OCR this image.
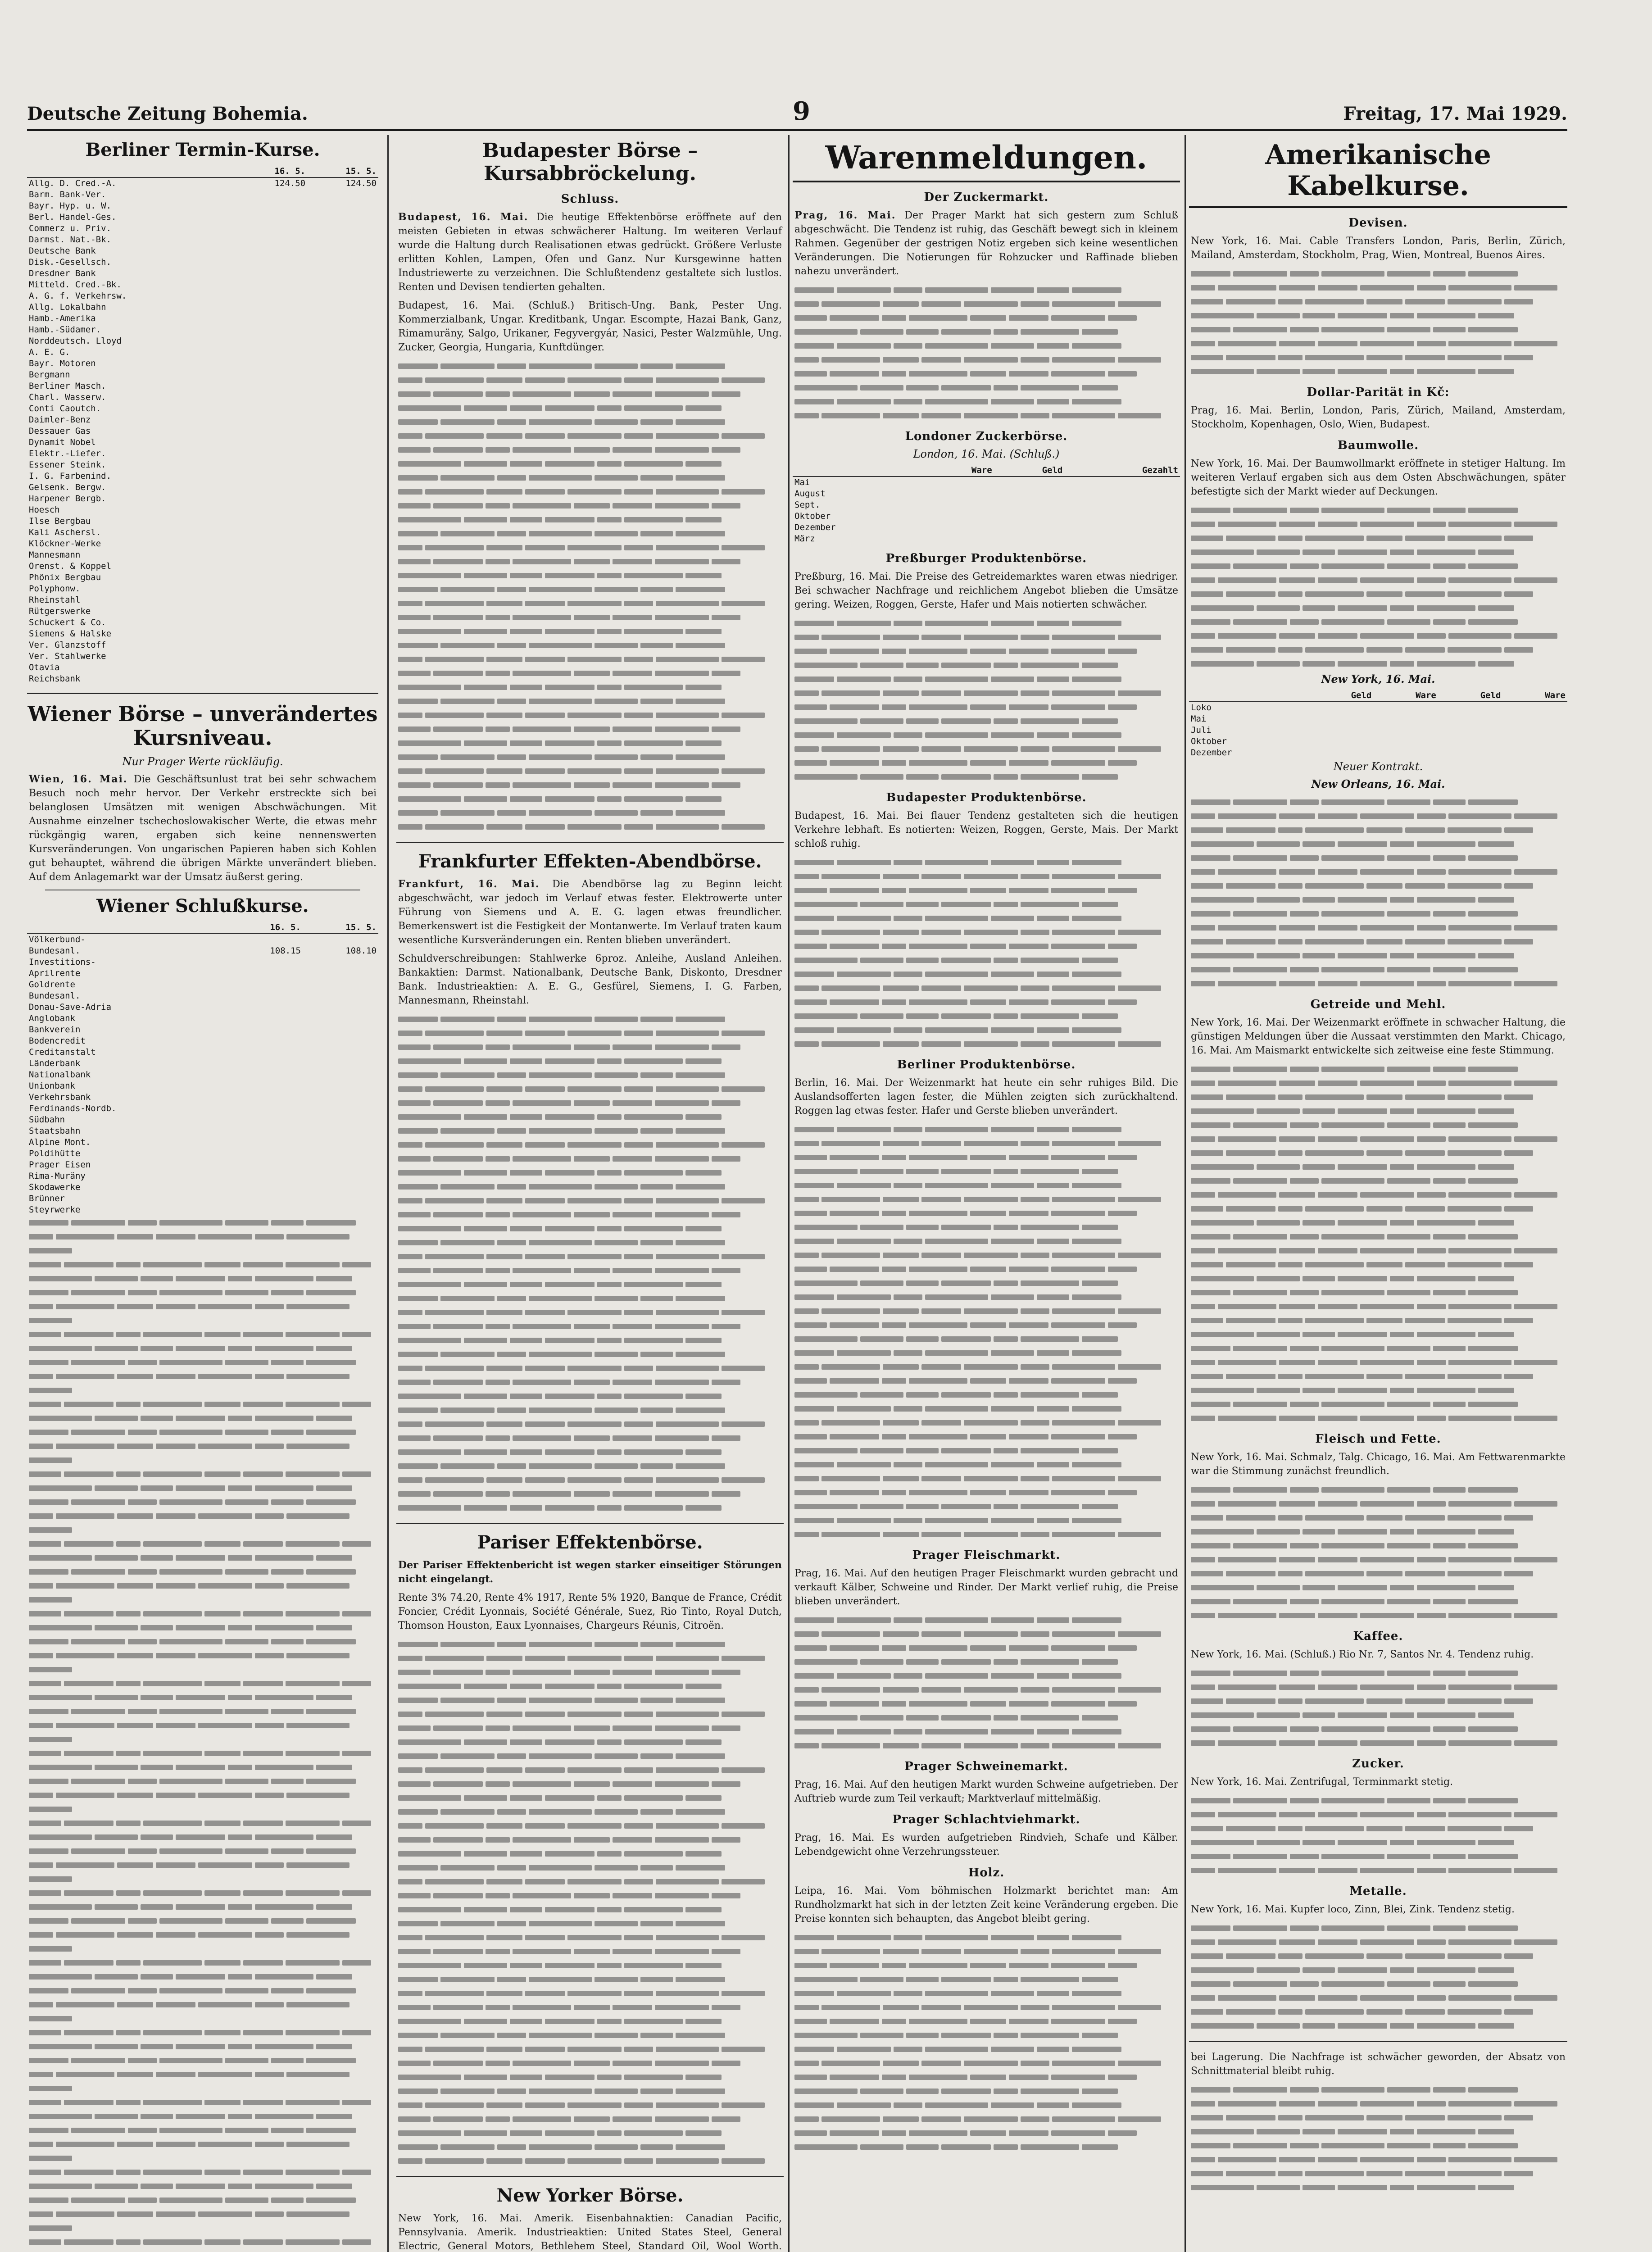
Deutsche Zeitung Bohemia.	9	Freitag, 17. Mai 1929.
Berliner Termin-Kurse.
	16. 5.	15. 5.
Allg. D. Cred.-A.	124.50	124.50
Barm. Bank-Ver.		
Bayr. Hyp. u. W.		
Berl. Handel-Ges.		
Commerz u. Priv.		
Darmst. Nat.-Bk.		
Deutsche Bank		
Disk.-Gesellsch.		
Dresdner Bank		
Mitteld. Cred.-Bk.		
A. G. f. Verkehrsw.		
Allg. Lokalbahn		
Hamb.-Amerika		
Hamb.-Südamer.		
Norddeutsch. Lloyd		
A. E. G.		
Bayr. Motoren		
Bergmann		
Berliner Masch.		
Charl. Wasserw.		
Conti Caoutch.		
Daimler-Benz		
Dessauer Gas		
Dynamit Nobel		
Elektr.-Liefer.		
Essener Steink.		
I. G. Farbenind.		
Gelsenk. Bergw.		
Harpener Bergb.		
Hoesch		
Ilse Bergbau		
Kali Aschersl.		
Klöckner-Werke		
Mannesmann		
Orenst. & Koppel		
Phönix Bergbau		
Polyphonw.		
Rheinstahl		
Rütgerswerke		
Schuckert & Co.		
Siemens & Halske		
Ver. Glanzstoff		
Ver. Stahlwerke		
Otavia		
Reichsbank		
Wiener Börse – unverändertes Kursniveau.
Nur Prager Werte rückläufig.

Wien, 16. Mai. Die Geschäftsunlust trat bei sehr schwachem Besuch noch mehr hervor. Der Verkehr erstreckte sich bei belanglosen Umsätzen mit wenigen Abschwächungen. Mit Ausnahme einzelner tschechoslowakischer Werte, die etwas mehr rückgängig waren, ergaben sich keine nennenswerten Kursveränderungen. Von ungarischen Papieren haben sich Kohlen gut behauptet, während die übrigen Märkte unverändert blieben. Auf dem Anlagemarkt war der Umsatz äußerst gering.

Wiener Schlußkurse.
	16. 5.	15. 5.
Völkerbund-		
Bundesanl.	108.15	108.10
Investitions-		
Aprilrente		
Goldrente		
Bundesanl.		
Donau-Save-Adria		
Anglobank		
Bankverein		
Bodencredit		
Creditanstalt		
Länderbank		
Nationalbank		
Unionbank		
Verkehrsbank		
Ferdinands-Nordb.		
Südbahn		
Staatsbahn		
Alpine Mont.		
Poldihütte		
Prager Eisen		
Rima-Muräny		
Skodawerke		
Brünner		
Steyrwerke		
Budapester Börse – Kursabbröckelung.
Schluss.

Budapest, 16. Mai. Die heutige Effektenbörse eröffnete auf den meisten Gebieten in etwas schwächerer Haltung. Im weiteren Verlauf wurde die Haltung durch Realisationen etwas gedrückt. Größere Verluste erlitten Kohlen, Lampen, Ofen und Ganz. Nur Kursgewinne hatten Industriewerte zu verzeichnen. Die Schlußtendenz gestaltete sich lustlos. Renten und Devisen tendierten gehalten.

Budapest, 16. Mai. (Schluß.) Britisch-Ung. Bank, Pester Ung. Kommerzialbank, Ungar. Kreditbank, Ungar. Escompte, Hazai Bank, Ganz, Rimamuräny, Salgo, Urikaner, Fegyvergyár, Nasici, Pester Walzmühle, Ung. Zucker, Georgia, Hungaria, Kunftdünger.

Frankfurter Effekten-Abendbörse.

Frankfurt, 16. Mai. Die Abendbörse lag zu Beginn leicht abgeschwächt, war jedoch im Verlauf etwas fester. Elektrowerte unter Führung von Siemens und A. E. G. lagen etwas freundlicher. Bemerkenswert ist die Festigkeit der Montanwerte. Im Verlauf traten kaum wesentliche Kursveränderungen ein. Renten blieben unverändert.

Schuldverschreibungen: Stahlwerke 6proz. Anleihe, Ausland Anleihen. Bankaktien: Darmst. Nationalbank, Deutsche Bank, Diskonto, Dresdner Bank. Industrieaktien: A. E. G., Gesfürel, Siemens, I. G. Farben, Mannesmann, Rheinstahl.

Pariser Effektenbörse.

Der Pariser Effektenbericht ist wegen starker einseitiger Störungen nicht eingelangt.

Rente 3% 74.20, Rente 4% 1917, Rente 5% 1920, Banque de France, Crédit Foncier, Crédit Lyonnais, Société Générale, Suez, Rio Tinto, Royal Dutch, Thomson Houston, Eaux Lyonnaises, Chargeurs Réunis, Citroën.

New Yorker Börse.

New York, 16. Mai. Amerik. Eisenbahnaktien: Canadian Pacific, Pennsylvania. Amerik. Industrieaktien: United States Steel, General Electric, General Motors, Bethlehem Steel, Standard Oil, Wool Worth.

Warenmeldungen.
Der Zuckermarkt.

Prag, 16. Mai. Der Prager Markt hat sich gestern zum Schluß abgeschwächt. Die Tendenz ist ruhig, das Geschäft bewegt sich in kleinem Rahmen. Gegenüber der gestrigen Notiz ergeben sich keine wesentlichen Veränderungen. Die Notierungen für Rohzucker und Raffinade blieben nahezu unverändert.

Londoner Zuckerbörse.
London, 16. Mai. (Schluß.)
	Ware	Geld	Gezahlt
Mai			
August			
Sept.			
Oktober			
Dezember			
März			
Preßburger Produktenbörse.

Preßburg, 16. Mai. Die Preise des Getreidemarktes waren etwas niedriger. Bei schwacher Nachfrage und reichlichem Angebot blieben die Umsätze gering. Weizen, Roggen, Gerste, Hafer und Mais notierten schwächer.

Budapester Produktenbörse.

Budapest, 16. Mai. Bei flauer Tendenz gestalteten sich die heutigen Verkehre lebhaft. Es notierten: Weizen, Roggen, Gerste, Mais. Der Markt schloß ruhig.

Berliner Produktenbörse.

Berlin, 16. Mai. Der Weizenmarkt hat heute ein sehr ruhiges Bild. Die Auslandsofferten lagen fester, die Mühlen zeigten sich zurückhaltend. Roggen lag etwas fester. Hafer und Gerste blieben unverändert.

Prager Fleischmarkt.

Prag, 16. Mai. Auf den heutigen Prager Fleischmarkt wurden gebracht und verkauft Kälber, Schweine und Rinder. Der Markt verlief ruhig, die Preise blieben unverändert.

Prager Schweinemarkt.

Prag, 16. Mai. Auf den heutigen Markt wurden Schweine aufgetrieben. Der Auftrieb wurde zum Teil verkauft; Marktverlauf mittelmäßig.

Prager Schlachtviehmarkt.

Prag, 16. Mai. Es wurden aufgetrieben Rindvieh, Schafe und Kälber. Lebendgewicht ohne Verzehrungssteuer.

Holz.

Leipa, 16. Mai. Vom böhmischen Holzmarkt berichtet man: Am Rundholzmarkt hat sich in der letzten Zeit keine Veränderung ergeben. Die Preise konnten sich behaupten, das Angebot bleibt gering.

Amerikanische Kabelkurse.
Devisen.

New York, 16. Mai. Cable Transfers London, Paris, Berlin, Zürich, Mailand, Amsterdam, Stockholm, Prag, Wien, Montreal, Buenos Aires.

Dollar-Parität in Kč:

Prag, 16. Mai. Berlin, London, Paris, Zürich, Mailand, Amsterdam, Stockholm, Kopenhagen, Oslo, Wien, Budapest.

Baumwolle.

New York, 16. Mai. Der Baumwollmarkt eröffnete in stetiger Haltung. Im weiteren Verlauf ergaben sich aus dem Osten Abschwächungen, später befestigte sich der Markt wieder auf Deckungen.

New York, 16. Mai.
	Geld	Ware	Geld	Ware
Loko				
Mai				
Juli				
Oktober				
Dezember				
Neuer Kontrakt.
New Orleans, 16. Mai.
Getreide und Mehl.

New York, 16. Mai. Der Weizenmarkt eröffnete in schwacher Haltung, die günstigen Meldungen über die Aussaat verstimmten den Markt. Chicago, 16. Mai. Am Maismarkt entwickelte sich zeitweise eine feste Stimmung.

Fleisch und Fette.

New York, 16. Mai. Schmalz, Talg. Chicago, 16. Mai. Am Fettwarenmarkte war die Stimmung zunächst freundlich.

Kaffee.

New York, 16. Mai. (Schluß.) Rio Nr. 7, Santos Nr. 4. Tendenz ruhig.

Zucker.

New York, 16. Mai. Zentrifugal, Terminmarkt stetig.

Metalle.

New York, 16. Mai. Kupfer loco, Zinn, Blei, Zink. Tendenz stetig.

bei Lagerung. Die Nachfrage ist schwächer geworden, der Absatz von Schnittmaterial bleibt ruhig.
